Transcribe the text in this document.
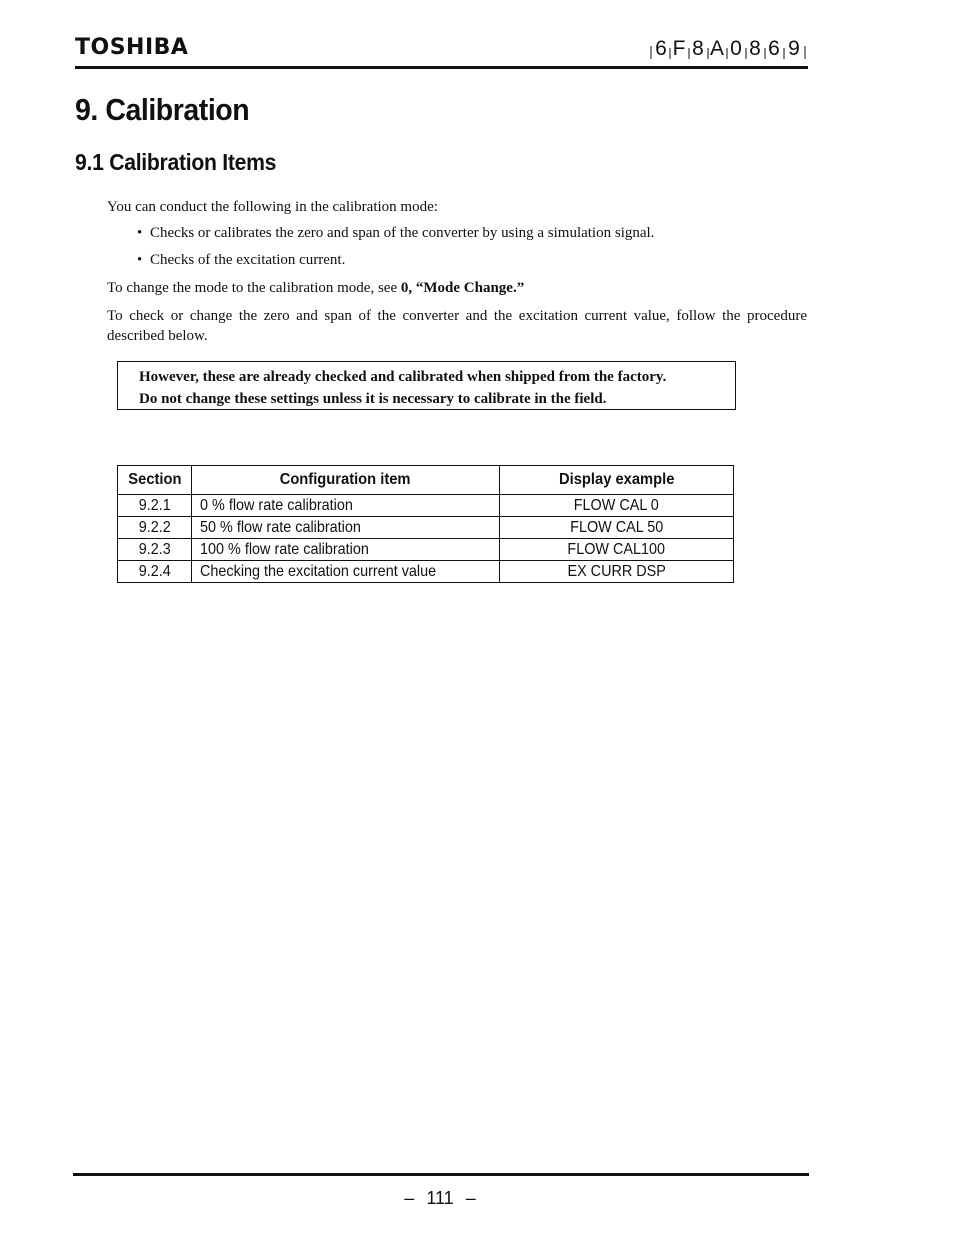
TOSHIBA	6 F 8 A 0 8 6 9
9. Calibration
9.1 Calibration Items
You can conduct the following in the calibration mode:
• Checks or calibrates the zero and span of the converter by using a simulation signal.
• Checks of the excitation current.
To change the mode to the calibration mode, see 0, “Mode Change.”
To check or change the zero and span of the converter and the excitation current value, follow the procedure described below.
However, these are already checked and calibrated when shipped from the factory.
Do not change these settings unless it is necessary to calibrate in the field.
Section	Configuration item	Display example
9.2.1	0 % flow rate calibration	FLOW CAL 0
9.2.2	50 % flow rate calibration	FLOW CAL 50
9.2.3	100 % flow rate calibration	FLOW CAL100
9.2.4	Checking the excitation current value	EX CURR DSP
– 111 –
